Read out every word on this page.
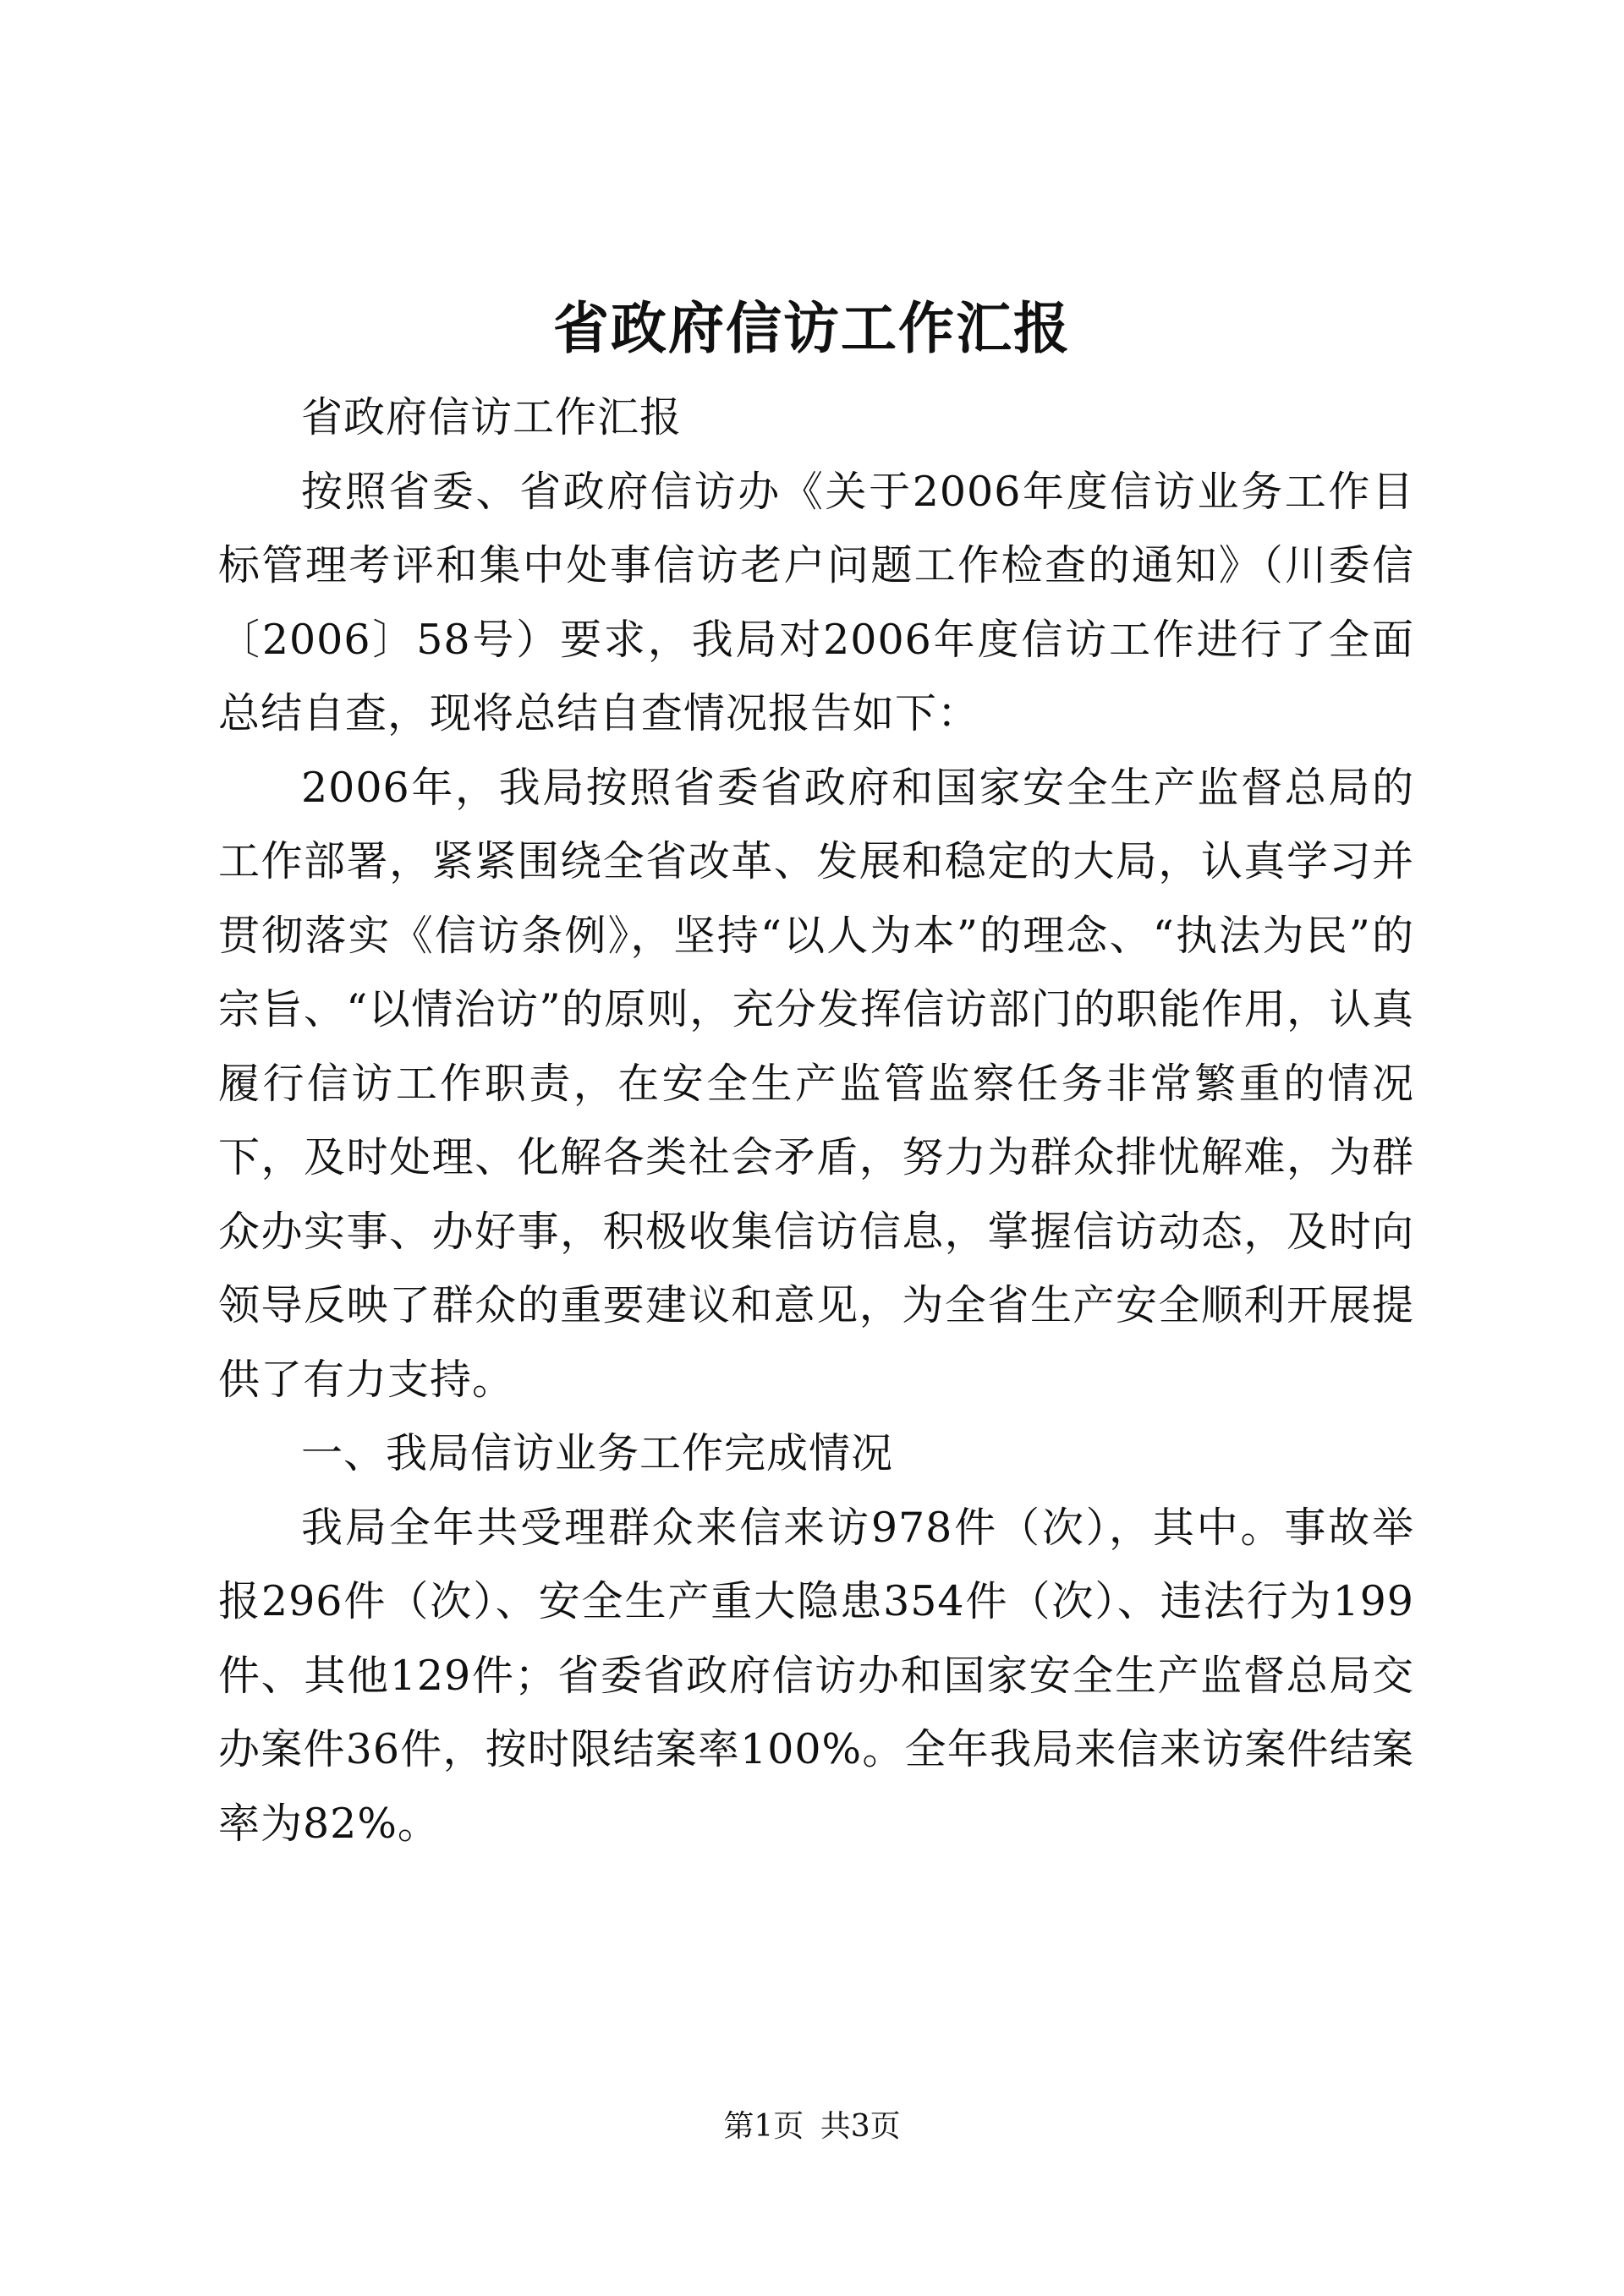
省政府信访工作汇报

省政府信访工作汇报

按照省委、省政府信访办《关于2006年度信访业务工作目标管理考评和集中处事信访老户问题工作检查的通知》（川委信〔2006〕58号）要求，我局对2006年度信访工作进行了全面总结自查，现将总结自查情况报告如下：

2006年，我局按照省委省政府和国家安全生产监督总局的工作部署，紧紧围绕全省改革、发展和稳定的大局，认真学习并贯彻落实《信访条例》，坚持“以人为本”的理念、“执法为民”的宗旨、“以情治访”的原则，充分发挥信访部门的职能作用，认真履行信访工作职责，在安全生产监管监察任务非常繁重的情况下，及时处理、化解各类社会矛盾，努力为群众排忧解难，为群众办实事、办好事，积极收集信访信息，掌握信访动态，及时向领导反映了群众的重要建议和意见，为全省生产安全顺利开展提供了有力支持。

一、我局信访业务工作完成情况

我局全年共受理群众来信来访978件（次），其中。事故举报296件（次）、安全生产重大隐患354件（次）、违法行为199件、其他129件；省委省政府信访办和国家安全生产监督总局交办案件36件，按时限结案率100%。全年我局来信来访案件结案率为82%。

第1页 共3页
